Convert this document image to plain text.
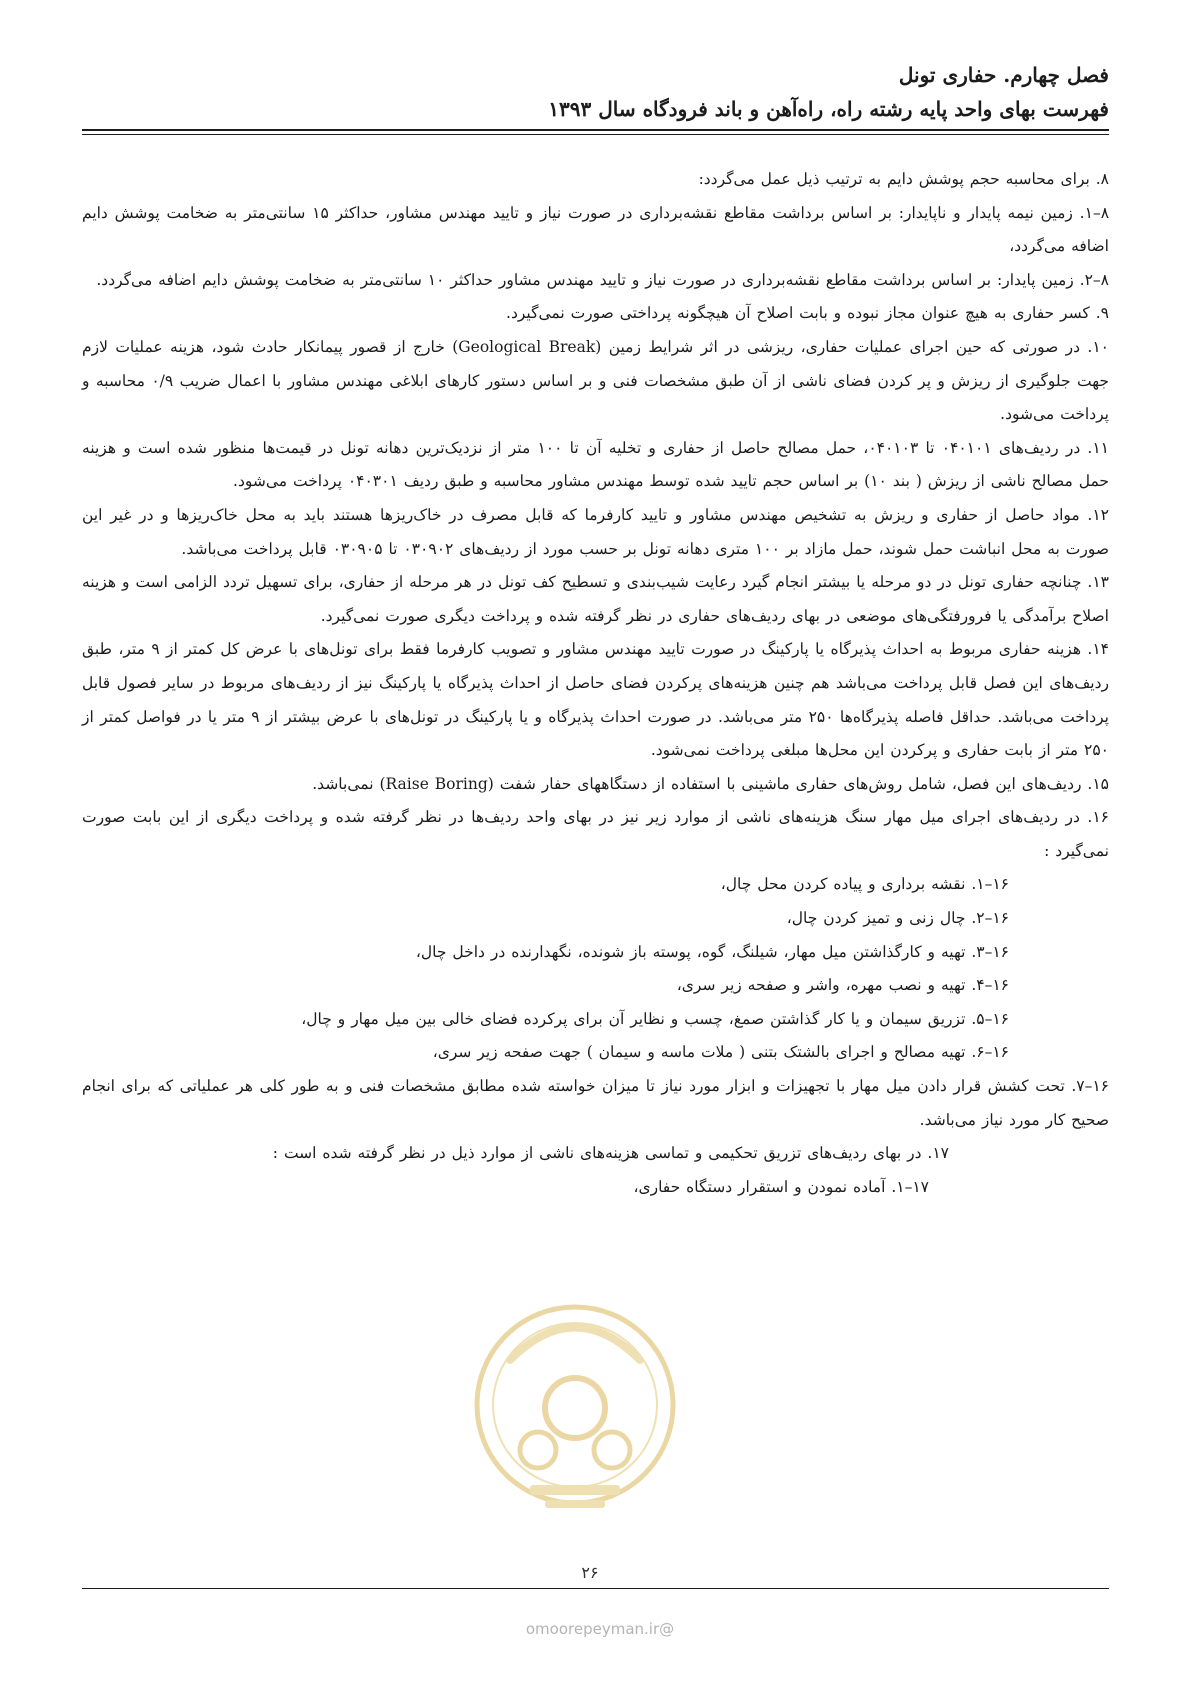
فصل چهارم. حفاری تونل
فهرست بهای واحد پایه رشته راه، راه‌آهن و باند فرودگاه سال ۱۳۹۳

۸. برای محاسبه حجم پوشش دایم به ترتیب ذیل عمل می‌گردد:

۸–۱. زمین نیمه پایدار و ناپایدار: بر اساس برداشت مقاطع نقشه‌برداری در صورت نیاز و تایید مهندس مشاور، حداکثر ۱۵ سانتی‌متر به ضخامت پوشش دایم اضافه می‌گردد،

۸–۲. زمین پایدار: بر اساس برداشت مقاطع نقشه‌برداری در صورت نیاز و تایید مهندس مشاور حداکثر ۱۰ سانتی‌متر به ضخامت پوشش دایم اضافه می‌گردد.

۹. کسر حفاری به هیچ عنوان مجاز نبوده و بابت اصلاح آن هیچگونه پرداختی صورت نمی‌گیرد.

۱۰. در صورتی که حین اجرای عملیات حفاری، ریزشی در اثر شرایط زمین (Geological Break) خارج از قصور پیمانکار حادث شود، هزینه عملیات لازم جهت جلوگیری از ریزش و پر کردن فضای ناشی از آن طبق مشخصات فنی و بر اساس دستور کارهای ابلاغی مهندس مشاور با اعمال ضریب ۰/۹ محاسبه و پرداخت می‌شود.

۱۱. در ردیف‌های ۰۴۰۱۰۱ تا ۰۴۰۱۰۳، حمل مصالح حاصل از حفاری و تخلیه آن تا ۱۰۰ متر از نزدیک‌ترین دهانه تونل در قیمت‌ها منظور شده است و هزینه حمل مصالح ناشی از ریزش ( بند ۱۰) بر اساس حجم تایید شده توسط مهندس مشاور محاسبه و طبق ردیف ۰۴۰۳۰۱ پرداخت می‌شود.

۱۲. مواد حاصل از حفاری و ریزش به تشخیص مهندس مشاور و تایید کارفرما که قابل مصرف در خاک‌ریزها هستند باید به محل خاک‌ریزها و در غیر این صورت به محل انباشت حمل شوند، حمل مازاد بر ۱۰۰ متری دهانه تونل بر حسب مورد از ردیف‌های ۰۳۰۹۰۲ تا ۰۳۰۹۰۵ قابل پرداخت می‌باشد.

۱۳. چنانچه حفاری تونل در دو مرحله یا بیشتر انجام گیرد رعایت شیب‌بندی و تسطیح کف تونل در هر مرحله از حفاری، برای تسهیل تردد الزامی است و هزینه اصلاح برآمدگی یا فرورفتگی‌های موضعی در بهای ردیف‌های حفاری در نظر گرفته شده و پرداخت دیگری صورت نمی‌گیرد.

۱۴. هزینه حفاری مربوط به احداث پذیرگاه یا پارکینگ در صورت تایید مهندس مشاور و تصویب کارفرما فقط برای تونل‌های با عرض کل کمتر از ۹ متر، طبق ردیف‌های این فصل قابل پرداخت می‌باشد هم چنین هزینه‌های پرکردن فضای حاصل از احداث پذیرگاه یا پارکینگ نیز از ردیف‌های مربوط در سایر فصول قابل پرداخت می‌باشد. حداقل فاصله پذیرگاه‌ها ۲۵۰ متر می‌باشد. در صورت احداث پذیرگاه و یا پارکینگ در تونل‌های با عرض بیشتر از ۹ متر یا در فواصل کمتر از ۲۵۰ متر از بابت حفاری و پرکردن این محل‌ها مبلغی پرداخت نمی‌شود.

۱۵. ردیف‌های این فصل، شامل روش‌های حفاری ماشینی با استفاده از دستگاههای حفار شفت (Raise Boring) نمی‌باشد.

۱۶. در ردیف‌های اجرای میل مهار سنگ هزینه‌های ناشی از موارد زیر نیز در بهای واحد ردیف‌ها در نظر گرفته شده و پرداخت دیگری از این بابت صورت نمی‌گیرد :

۱۶–۱. نقشه برداری و پیاده کردن محل چال،

۱۶–۲. چال زنی و تمیز کردن چال،

۱۶–۳. تهیه و کارگذاشتن میل مهار، شیلنگ، گوه، پوسته باز شونده، نگهدارنده در داخل چال،

۱۶–۴. تهیه و نصب مهره، واشر و صفحه زیر سری،

۱۶–۵. تزریق سیمان و یا کار گذاشتن صمغ، چسب و نظایر آن برای پرکرده فضای خالی بین میل مهار و چال،

۱۶–۶. تهیه مصالح و اجرای بالشتک بتنی ( ملات ماسه و سیمان ) جهت صفحه زیر سری،

۱۶–۷. تحت کشش قرار دادن میل مهار با تجهیزات و ابزار مورد نیاز تا میزان خواسته شده مطابق مشخصات فنی و به طور کلی هر عملیاتی که برای انجام صحیح کار مورد نیاز می‌باشد.

۱۷. در بهای ردیف‌های تزریق تحکیمی و تماسی هزینه‌های ناشی از موارد ذیل در نظر گرفته شده است :

۱۷–۱. آماده نمودن و استقرار دستگاه حفاری،

۲۶
@omoorepeyman.ir
